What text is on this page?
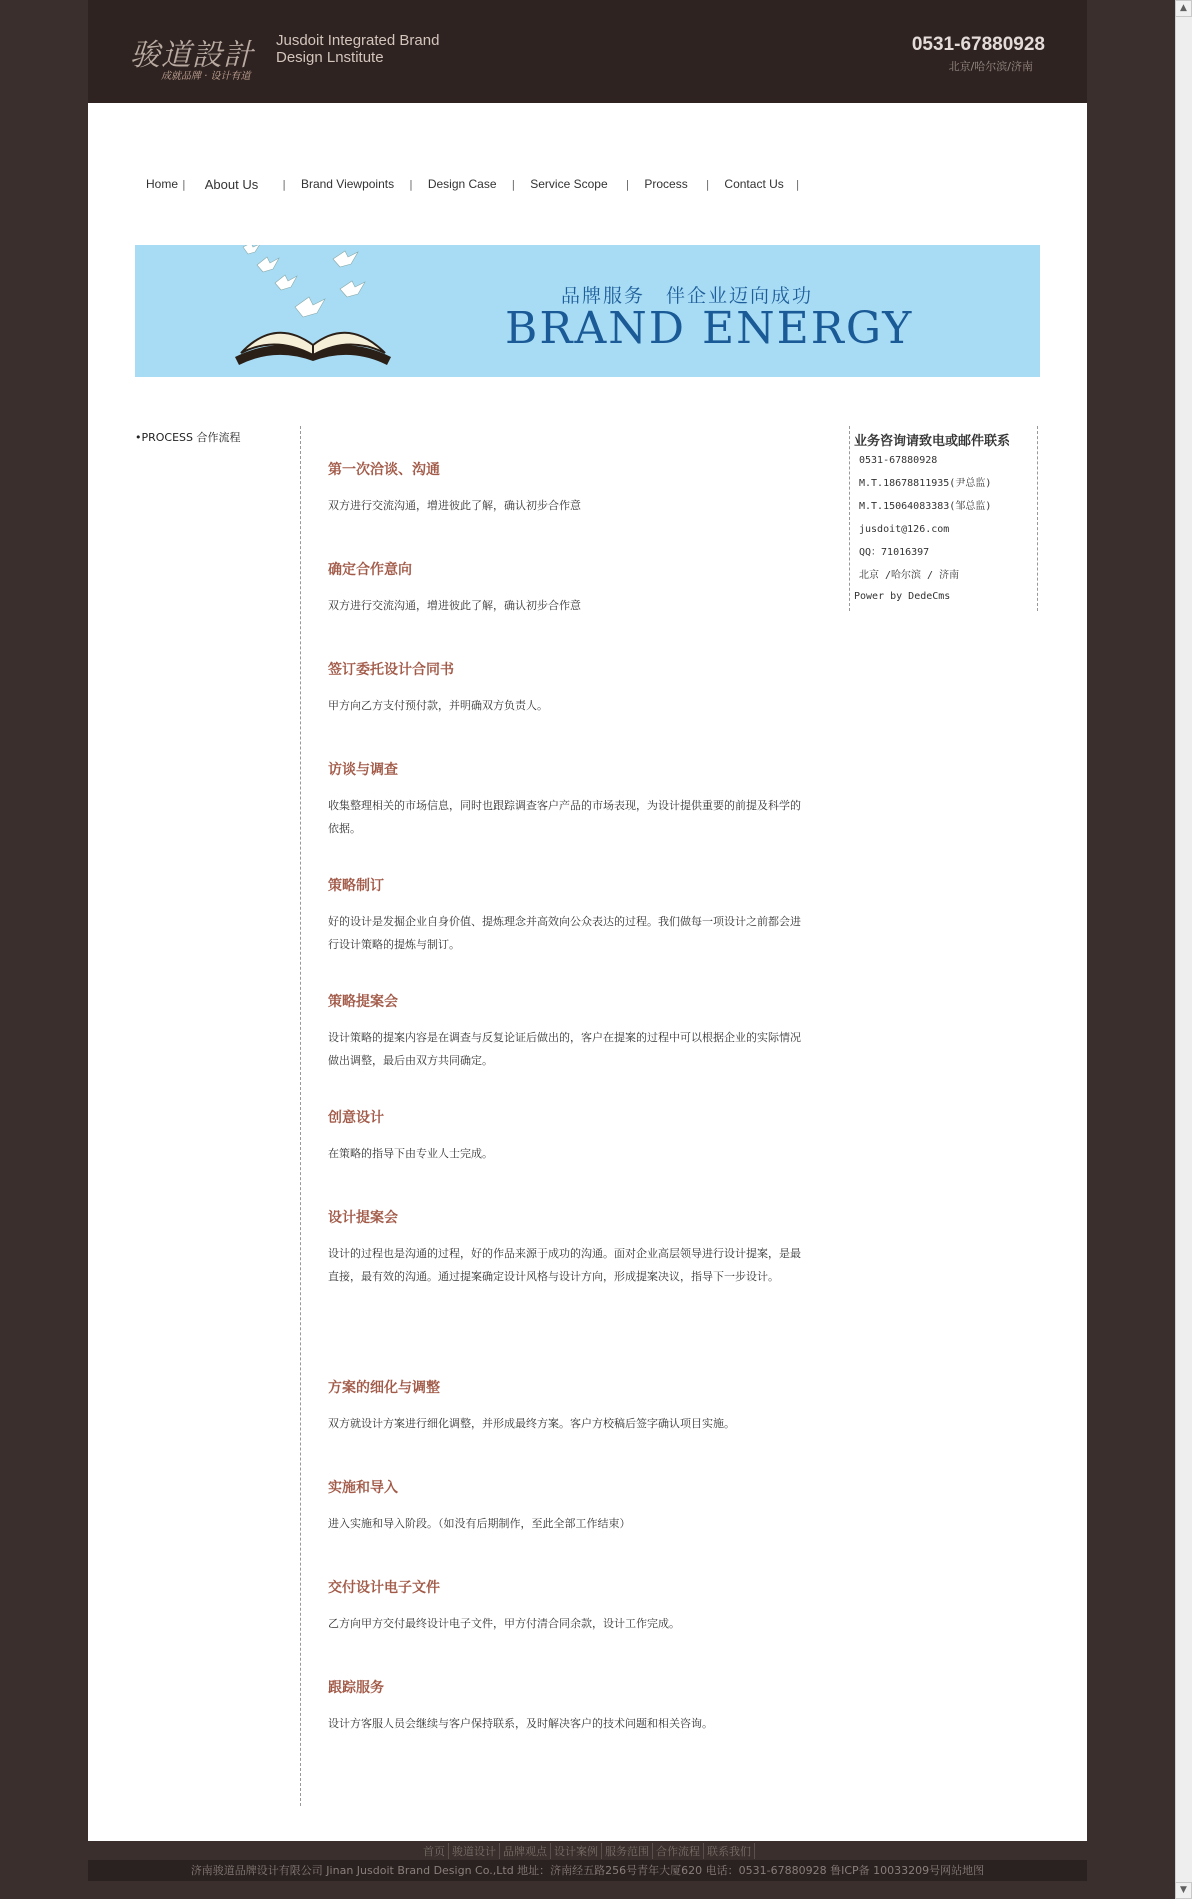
▲
▼
骏道設計
成就品牌 · 设计有道
Jusdoit Integrated Brand Design Lnstitute
0531-67880928
北京/哈尔滨/济南
Home | About Us | Brand Viewpoints | Design Case | Service Scope | Process | Contact Us |
品牌服务　伴企业迈向成功
BRAND ENERGY
•PROCESS 合作流程
第一次洽谈、沟通
双方进行交流沟通，增进彼此了解，确认初步合作意
确定合作意向
双方进行交流沟通，增进彼此了解，确认初步合作意
签订委托设计合同书
甲方向乙方支付预付款，并明确双方负责人。
访谈与调查
收集整理相关的市场信息，同时也跟踪调查客户产品的市场表现，为设计提供重要的前提及科学的依据。
策略制订
好的设计是发掘企业自身价值、提炼理念并高效向公众表达的过程。我们做每一项设计之前都会进行设计策略的提炼与制订。
策略提案会
设计策略的提案内容是在调查与反复论证后做出的，客户在提案的过程中可以根据企业的实际情况做出调整，最后由双方共同确定。
创意设计
在策略的指导下由专业人士完成。
设计提案会
设计的过程也是沟通的过程，好的作品来源于成功的沟通。面对企业高层领导进行设计提案，是最直接，最有效的沟通。通过提案确定设计风格与设计方向，形成提案决议，指导下一步设计。
方案的细化与调整
双方就设计方案进行细化调整，并形成最终方案。客户方校稿后签字确认项目实施。
实施和导入
进入实施和导入阶段。（如没有后期制作，至此全部工作结束）
交付设计电子文件
乙方向甲方交付最终设计电子文件，甲方付清合同余款，设计工作完成。
跟踪服务
设计方客服人员会继续与客户保持联系，及时解决客户的技术问题和相关咨询。
业务咨询请致电或邮件联系
0531-67880928
M.T.18678811935(尹总监)
M.T.15064083383(邹总监)
jusdoit@126.com
QQ：71016397
北京 /哈尔滨 / 济南
Power by DedeCms
首页 骏道设计 品牌观点 设计案例 服务范围 合作流程 联系我们
济南骏道品牌设计有限公司 Jinan Jusdoit Brand Design Co.,Ltd 地址：济南经五路256号青年大厦620 电话：0531-67880928 鲁ICP备 10033209号网站地图
